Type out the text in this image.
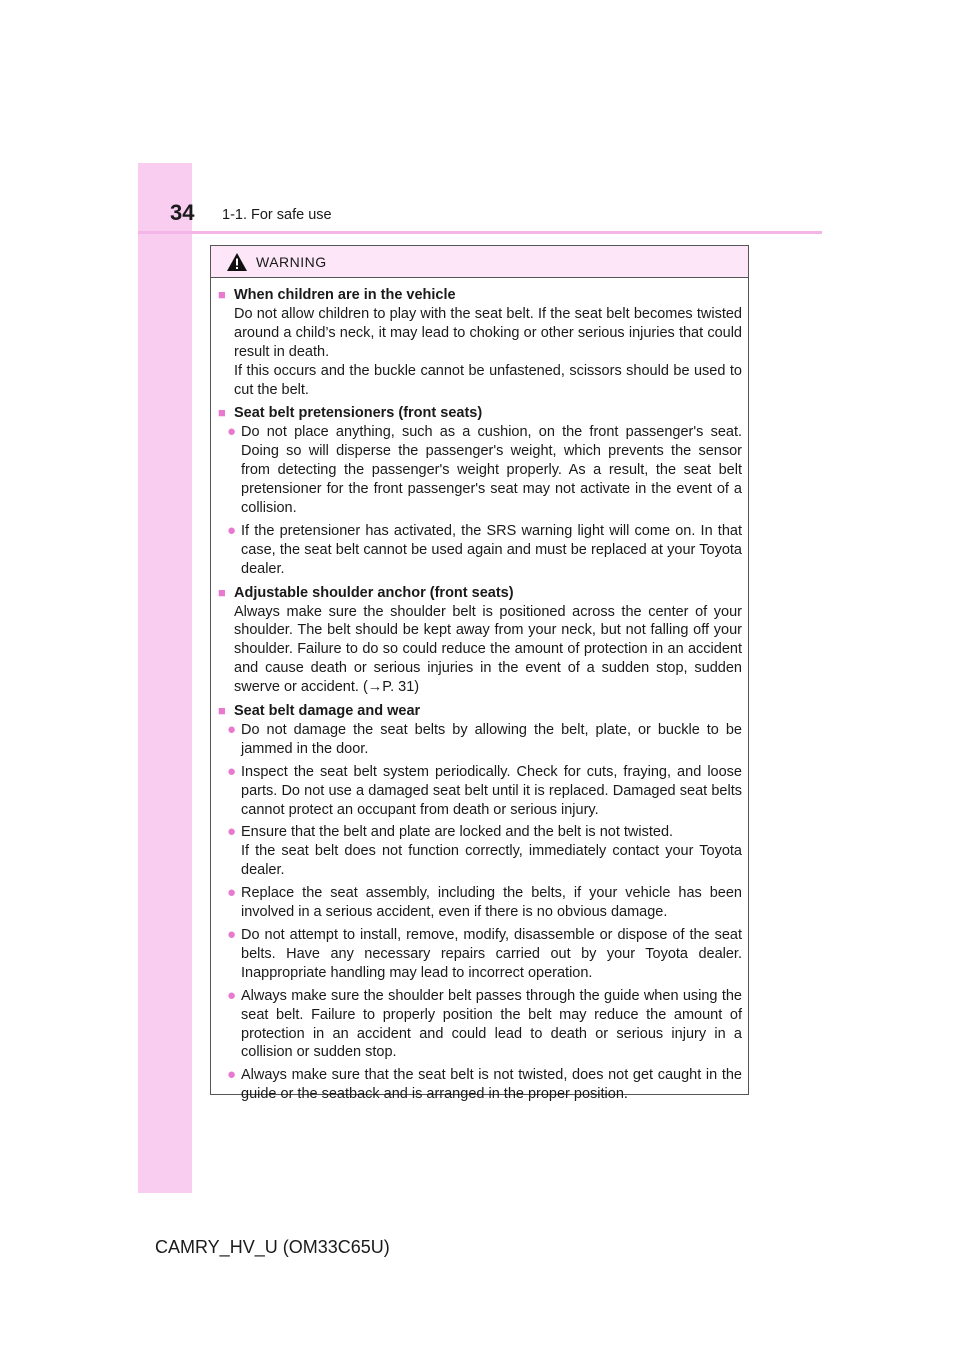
34 1-1. For safe use
WARNING
■ When children are in the vehicle
Do not allow children to play with the seat belt. If the seat belt becomes twisted around a child’s neck, it may lead to choking or other serious injuries that could result in death.
If this occurs and the buckle cannot be unfastened, scissors should be used to cut the belt.
■ Seat belt pretensioners (front seats)
● Do not place anything, such as a cushion, on the front passenger's seat. Doing so will disperse the passenger's weight, which prevents the sensor from detecting the passenger's weight properly. As a result, the seat belt pretensioner for the front passenger's seat may not activate in the event of a collision.
● If the pretensioner has activated, the SRS warning light will come on. In that case, the seat belt cannot be used again and must be replaced at your Toyota dealer.
■ Adjustable shoulder anchor (front seats)
Always make sure the shoulder belt is positioned across the center of your shoulder. The belt should be kept away from your neck, but not falling off your shoulder. Failure to do so could reduce the amount of protection in an accident and cause death or serious injuries in the event of a sudden stop, sudden swerve or accident. (→P. 31)
■ Seat belt damage and wear
● Do not damage the seat belts by allowing the belt, plate, or buckle to be jammed in the door.
● Inspect the seat belt system periodically. Check for cuts, fraying, and loose parts. Do not use a damaged seat belt until it is replaced. Damaged seat belts cannot protect an occupant from death or serious injury.
● Ensure that the belt and plate are locked and the belt is not twisted.
If the seat belt does not function correctly, immediately contact your Toyota dealer.
● Replace the seat assembly, including the belts, if your vehicle has been involved in a serious accident, even if there is no obvious damage.
● Do not attempt to install, remove, modify, disassemble or dispose of the seat belts. Have any necessary repairs carried out by your Toyota dealer. Inappropriate handling may lead to incorrect operation.
● Always make sure the shoulder belt passes through the guide when using the seat belt. Failure to properly position the belt may reduce the amount of protection in an accident and could lead to death or serious injury in a collision or sudden stop.
● Always make sure that the seat belt is not twisted, does not get caught in the guide or the seatback and is arranged in the proper position.
CAMRY_HV_U (OM33C65U)
